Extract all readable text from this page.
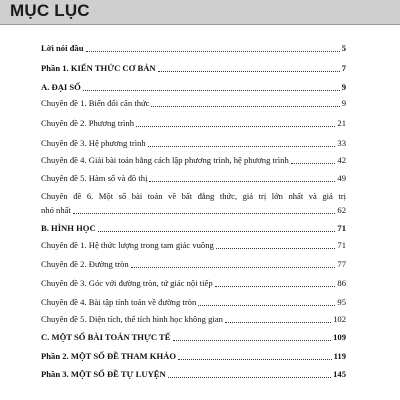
MỤC LỤC
Lời nói đầu	5
Phần 1. KIẾN THỨC CƠ BẢN	7
A. ĐẠI SỐ	9
Chuyên đề 1. Biến đổi căn thức	9
Chuyên đề 2. Phương trình	21
Chuyên đề 3. Hệ phương trình	33
Chuyên đề 4. Giải bài toán bằng cách lập phương trình, hệ phương trình	42
Chuyên đề 5. Hàm số và đồ thị	49
Chuyên đề 6. Một số bài toán về bất đẳng thức, giá trị lớn nhất và giá trị
nhỏ nhất	62
B. HÌNH HỌC	71
Chuyên đề 1. Hệ thức lượng trong tam giác vuông	71
Chuyên đề 2. Đường tròn	77
Chuyên đề 3. Góc với đường tròn, tứ giác nội tiếp	86
Chuyên đề 4. Bài tập tính toán về đường tròn	95
Chuyên đề 5. Diện tích, thể tích hình học không gian	102
C. MỘT SỐ BÀI TOÁN THỰC TẾ	109
Phần 2. MỘT SỐ ĐỀ THAM KHẢO	119
Phần 3. MỘT SỐ ĐỀ TỰ LUYỆN	145
